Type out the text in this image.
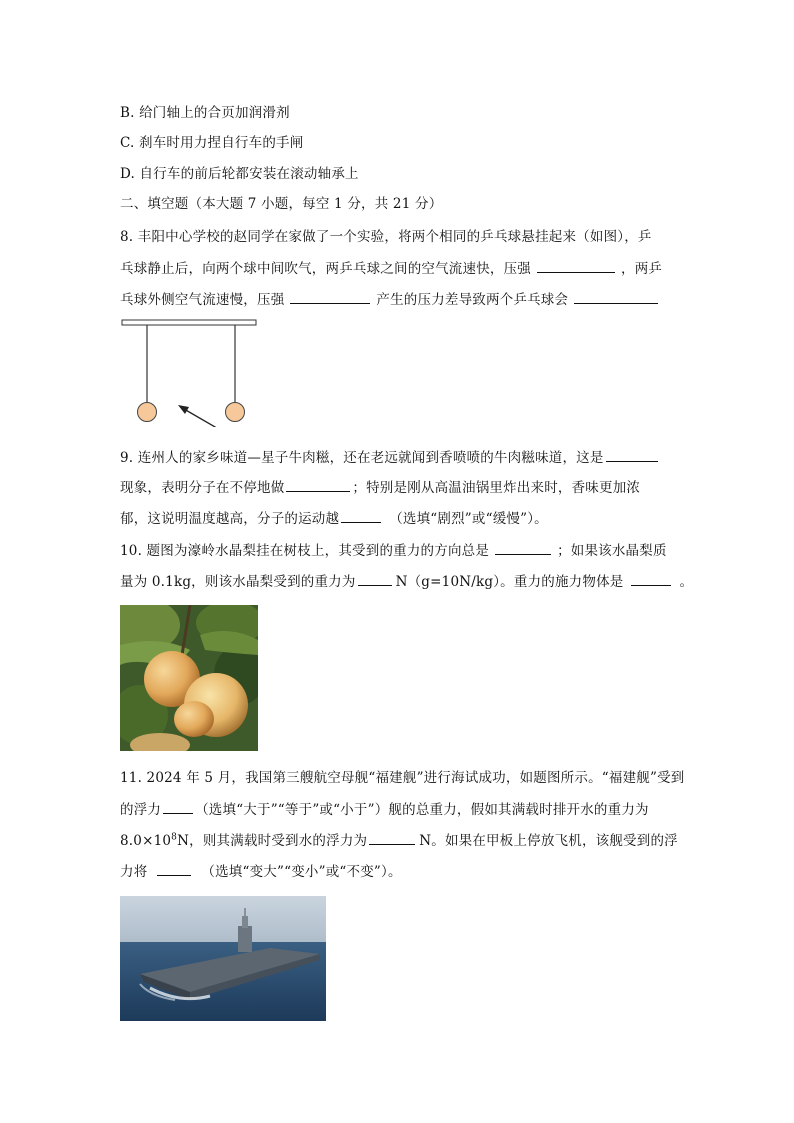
B. 给门轴上的合页加润滑剂
C. 刹车时用力捏自行车的手闸
D. 自行车的前后轮都安装在滚动轴承上
二、填空题（本大题 7 小题，每空 1 分，共 21 分）
8. 丰阳中心学校的赵同学在家做了一个实验，将两个相同的乒乓球悬挂起来（如图），乒
乓球静止后，向两个球中间吹气，两乒乓球之间的空气流速快，压强	，两乒
乓球外侧空气流速慢，压强	产生的压力差导致两个乒乓球会
9. 连州人的家乡味道—星子牛肉糍，还在老远就闻到香喷喷的牛肉糍味道，这是
现象，表明分子在不停地做	；特别是刚从高温油锅里炸出来时，香味更加浓
郁，这说明温度越高，分子的运动越	（选填“剧烈”或“缓慢”）。
10. 题图为濠岭水晶梨挂在树枝上，其受到的重力的方向总是	；如果该水晶梨质
量为 0.1kg，则该水晶梨受到的重力为	N（g=10N/kg）。重力的施力物体是	。
11. 2024 年 5 月，我国第三艘航空母舰“福建舰”进行海试成功，如题图所示。“福建舰”受到
的浮力	（选填“大于”“等于”或“小于”）舰的总重力，假如其满载时排开水的重力为
$8.0\times 10^8N$，则其满载时受到水的浮力为	N。如果在甲板上停放飞机，该舰受到的浮
力将	（选填“变大”“变小”或“不变”）。
